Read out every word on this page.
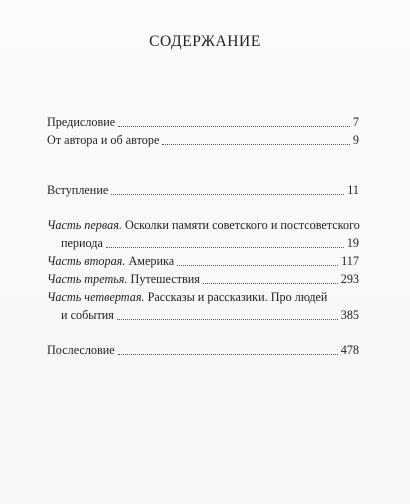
СОДЕРЖАНИЕ
Предисловие	7
От автора и об авторе	9
Вступление	11
Часть первая. Осколки памяти советского и постсоветского
периода	19
Часть вторая. Америка	117
Часть третья. Путешествия	293
Часть четвертая. Рассказы и рассказики. Про людей
и события	385
Послесловие	478
